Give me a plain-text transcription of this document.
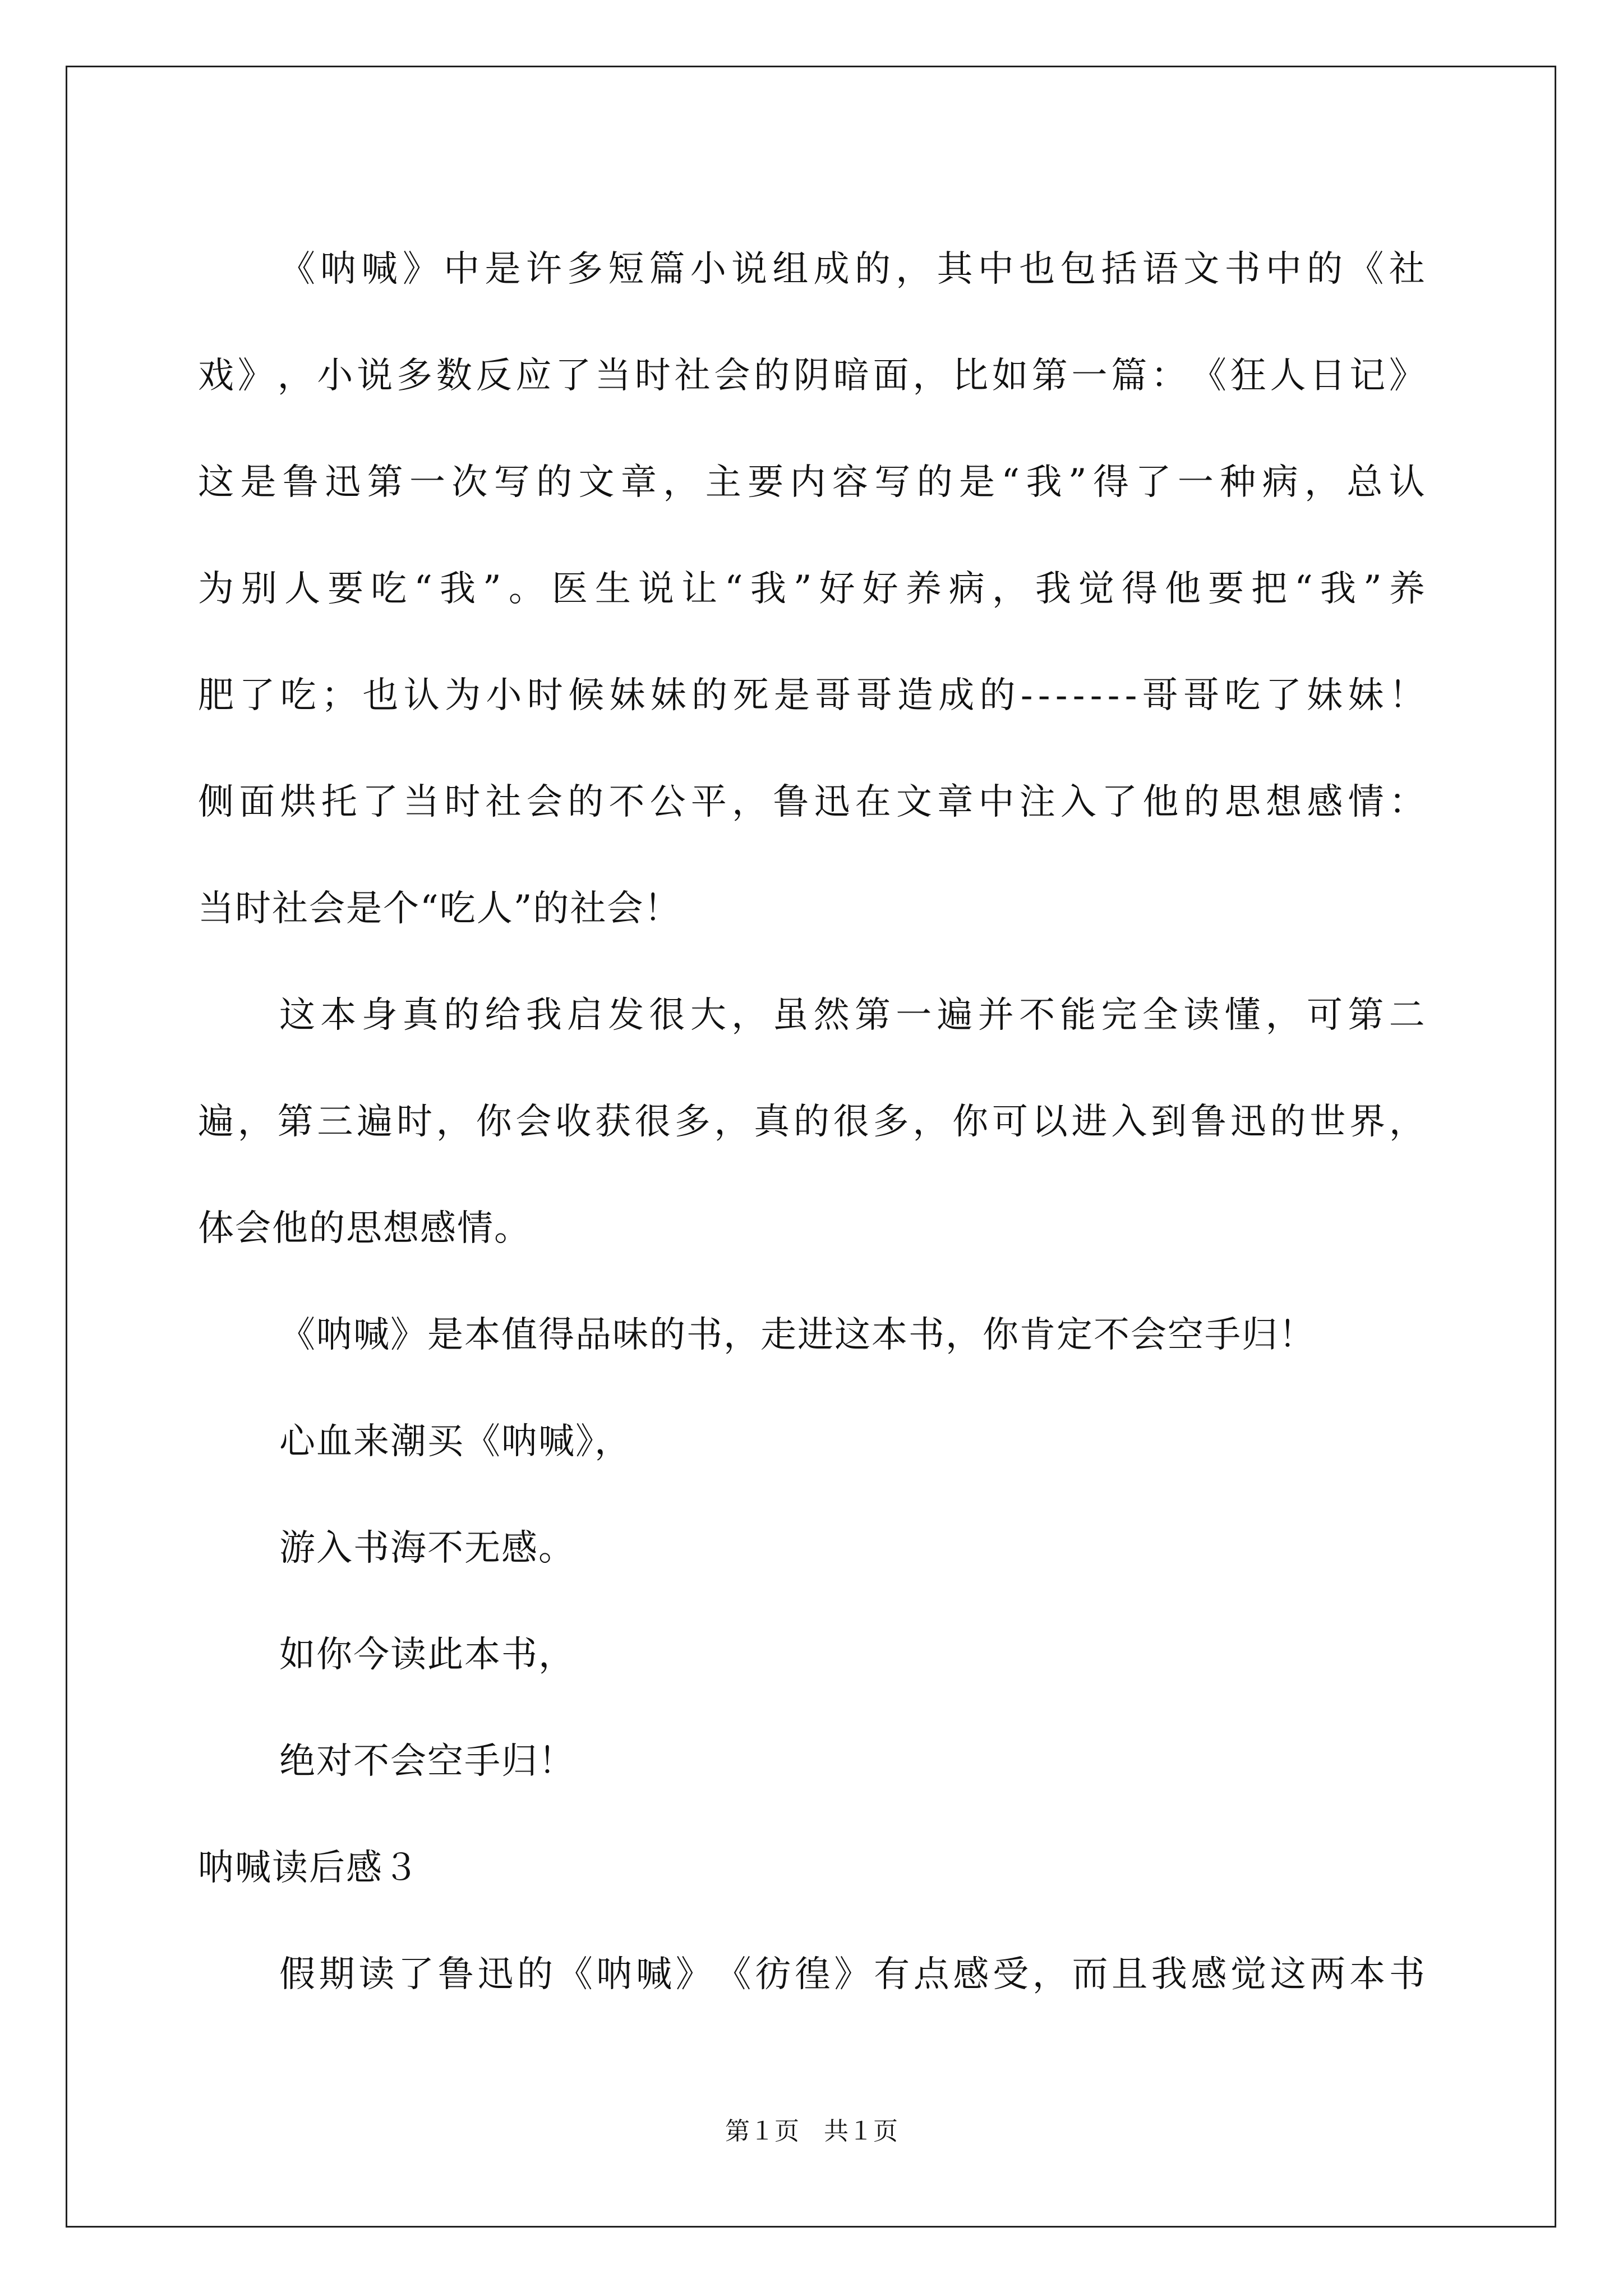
《 呐 喊 》 中 是 许 多 短 篇 小 说 组 成 的 ， 其 中 也 包 括 语 文 书 中 的 《 社
戏 》 ， 小 说 多 数 反 应 了 当 时 社 会 的 阴 暗 面 ， 比 如 第 一 篇 ： 《 狂 人 日 记 》
这 是 鲁 迅 第 一 次 写 的 文 章 ， 主 要 内 容 写 的 是 “ 我 ” 得 了 一 种 病 ， 总 认
为 别 人 要 吃 “ 我 ” 。 医 生 说 让 “ 我 ” 好 好 养 病 ， 我 觉 得 他 要 把 “ 我 ” 养
肥 了 吃 ； 也 认 为 小 时 候 妹 妹 的 死 是 哥 哥 造 成 的 - - - - - - - 哥 哥 吃 了 妹 妹 ！
侧 面 烘 托 了 当 时 社 会 的 不 公 平 ， 鲁 迅 在 文 章 中 注 入 了 他 的 思 想 感 情 ：
当时社会是个“吃人”的社会！
这 本 身 真 的 给 我 启 发 很 大 ， 虽 然 第 一 遍 并 不 能 完 全 读 懂 ， 可 第 二
遍 ， 第 三 遍 时 ， 你 会 收 获 很 多 ， 真 的 很 多 ， 你 可 以 进 入 到 鲁 迅 的 世 界 ，
体会他的思想感情。
《呐喊》是本值得品味的书，走进这本书，你肯定不会空手归！
心血来潮买《呐喊》，
游入书海不无感。
如你今读此本书，
绝对不会空手归！
呐喊读后感３
假 期 读 了 鲁 迅 的 《 呐 喊 》 《 彷 徨 》 有 点 感 受 ， 而 且 我 感 觉 这 两 本 书
第１页　共１页
